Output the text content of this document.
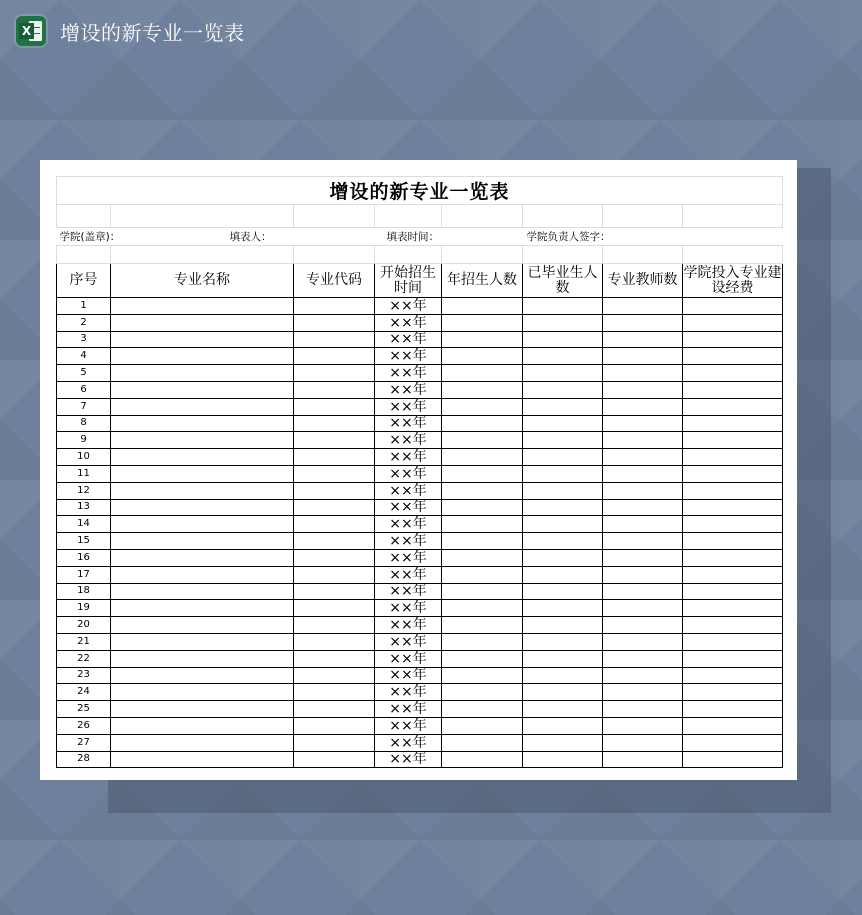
X 增设的新专业一览表
增设的新专业一览表							

学院(盖章)： 填表人：			填表时间：		学院负责人签字：		

序号	专业名称	专业代码	开始招生时间	年招生人数	已毕业生人数	专业教师数	学院投入专业建设经费
1			××年				
2			××年				
3			××年				
4			××年				
5			××年				
6			××年				
7			××年				
8			××年				
9			××年				
10			××年				
11			××年				
12			××年				
13			××年				
14			××年				
15			××年				
16			××年				
17			××年				
18			××年				
19			××年				
20			××年				
21			××年				
22			××年				
23			××年				
24			××年				
25			××年				
26			××年				
27			××年				
28			××年				
